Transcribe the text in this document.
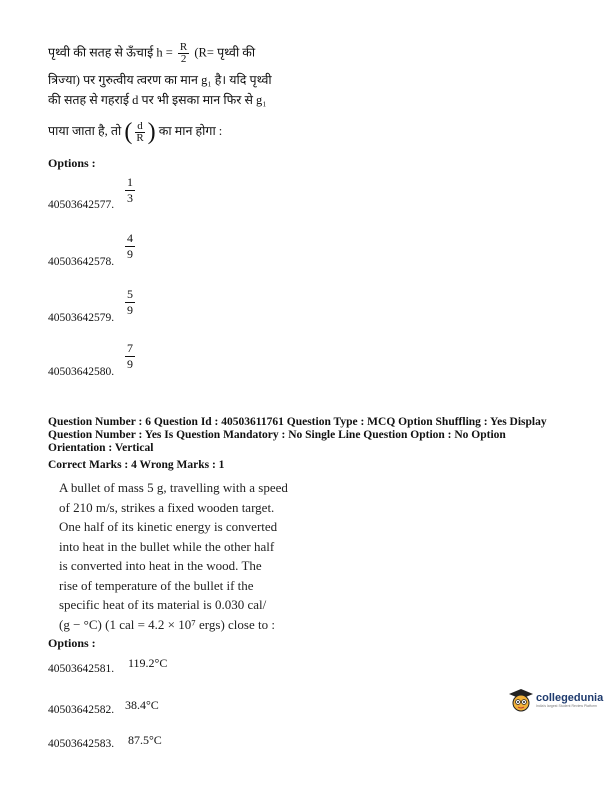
पृथ्वी की सतह से ऊँचाई $h = \frac{R}{2} (R=$ पृथ्वी की
त्रिज्या) पर गुरुत्वीय त्वरण का मान g₁ है। यदि पृथ्वी
की सतह से गहराई d पर भी इसका मान फिर से g₁
पाया जाता है, तो ( $\frac{d}{R}$ ) का मान होगा :
Options :
40503642577. $\frac{1}{3}$
40503642578.
$\frac{4}{9}$
40503642579.
$\frac{5}{9}$
40503642580.
$\frac{7}{9}$
Question Number : 6 Question Id : 40503611761 Question Type : MCQ Option Shuffling : Yes Display
Question Number : Yes Is Question Mandatory : No Single Line Question Option : No Option
Orientation : Vertical
Correct Marks : 4 Wrong Marks : 1
A bullet of mass 5 g, travelling with a speed
of 210 m/s, strikes a fixed wooden target.
One half of its kinetic energy is converted
into heat in the bullet while the other half
is converted into heat in the wood. The
rise of temperature of the bullet if the
specific heat of its material is 0.030 cal/
(g − °C) (1 cal = 4.2 × 10⁷ ergs) close to :
Options :
40503642581. 119.2°C
40503642582. 38.4°C
40503642583. 87.5°C
collegedunia
India's largest Student Review Platform
